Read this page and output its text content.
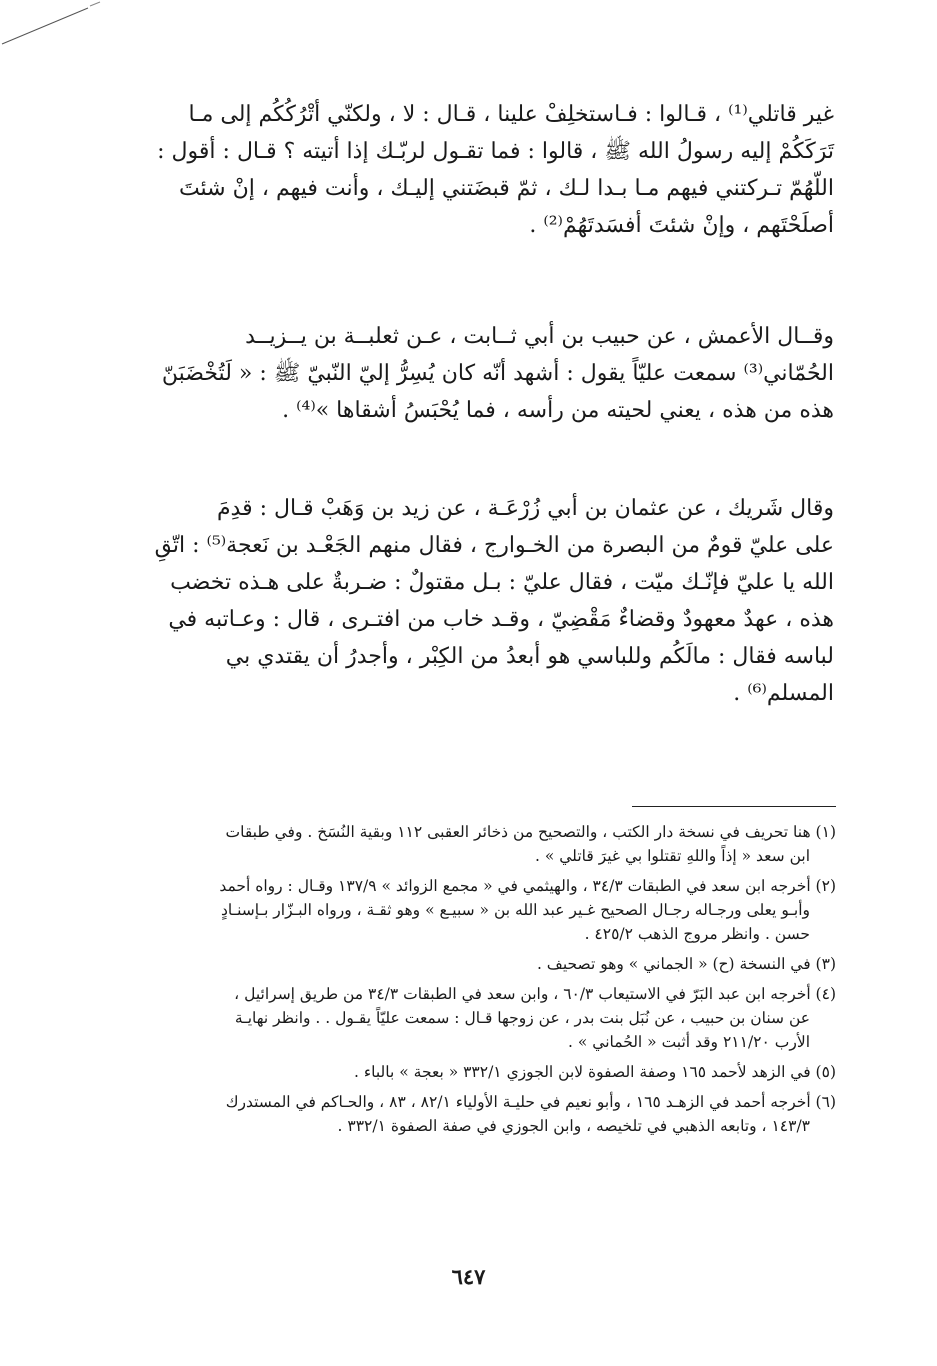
غير قاتلي⁽¹⁾ ، قـالوا : فـاستخلِفْ علينا ، قـال : لا ، ولكنّي أتْرُكُكُم إلى مـا
تَرَكَكُمْ إليه رسولُ الله ﷺ ، قالوا : فما تقـول لربّـك إذا أتيته ؟ قـال : أقول :
اللّهُمّ تـركتني فيهم مـا بـدا لـك ، ثمّ قبضَتني إليـك ، وأنت فيهم ، إنْ شئتَ
أصلَحْتَهم ، وإنْ شئتَ أفسَدتَهُمْ⁽²⁾ .
وقــال الأعمش ، عن حبيب بن أبي ثــابت ، عـن ثعلبــة بن يــزيــد
الحُمّاني⁽³⁾ سمعت عليّاً يقول : أشهد أنّه كان يُسِرُّ إليّ النّبيّ ﷺ : « لَتُخْضَبَنّ
هذه من هذه ، يعني لحيته من رأسه ، فما يُحْبَسُ أشقاها »⁽⁴⁾ .
وقال شَريك ، عن عثمان بن أبي زُرْعَـة ، عن زيد بن وَهَبْ قـال : قدِمَ
على عليّ قومٌ من البصرة من الخـوارج ، فقال منهم الجَعْـد بن نَعجة⁽⁵⁾ : اتّقِ
الله يا عليّ فإنّـك ميّت ، فقال عليّ : بـل مقتولٌ : ضـربةٌ على هـذه تخضب
هذه ، عهدٌ معهودٌ وقضاءٌ مَقْضِيّ ، وقـد خاب من افتـرى ، قال : وعـاتبه في
لباسه فقال : مالَكُم وللباسي هو أبعدُ من الكِبْر ، وأجدرُ أن يقتدي بي
المسلم⁽⁶⁾ .
(١) هنا تحريف في نسخة دار الكتب ، والتصحيح من ذخائر العقبى ١١٢ وبقية النُسَخ . وفي طبقات
ابن سعد « إذاً واللهِ تقتلوا بي غيرَ قاتلي » .
(٢) أخرجه ابن سعد في الطبقات ٣٤/٣ ، والهيثمي في « مجمع الزوائد » ١٣٧/٩ وقـال : رواه أحمد
وأبـو يعلى ورجـاله رجـال الصحيح غـير عبد الله بن « سبيـع » وهو ثقـة ، ورواه البـزّار بـإسنـادٍ
حسن . وانظر مروج الذهب ٤٢٥/٢ .
(٣) في النسخة (ح) « الجماني » وهو تصحيف .
(٤) أخرجه ابن عبد البَرّ في الاستيعاب ٦٠/٣ ، وابن سعد في الطبقات ٣٤/٣ من طريق إسرائيل ،
عن سنان بن حبيب ، عن نُبَل بنت بدر ، عن زوجها قـال : سمعت عليّاً يقـول . . وانظر نهايـة
الأرب ٢١١/٢٠ وقد أثبت « الحُماني » .
(٥) في الزهد لأحمد ١٦٥ وصفة الصفوة لابن الجوزي ٣٣٢/١ « بعجة » بالباء .
(٦) أخرجه أحمد في الزهـد ١٦٥ ، وأبو نعيم في حليـة الأولياء ٨٢/١ ، ٨٣ ، والحـاكم في المستدرك
١٤٣/٣ ، وتابعه الذهبي في تلخيصه ، وابن الجوزي في صفة الصفوة ٣٣٢/١ .
٦٤٧
